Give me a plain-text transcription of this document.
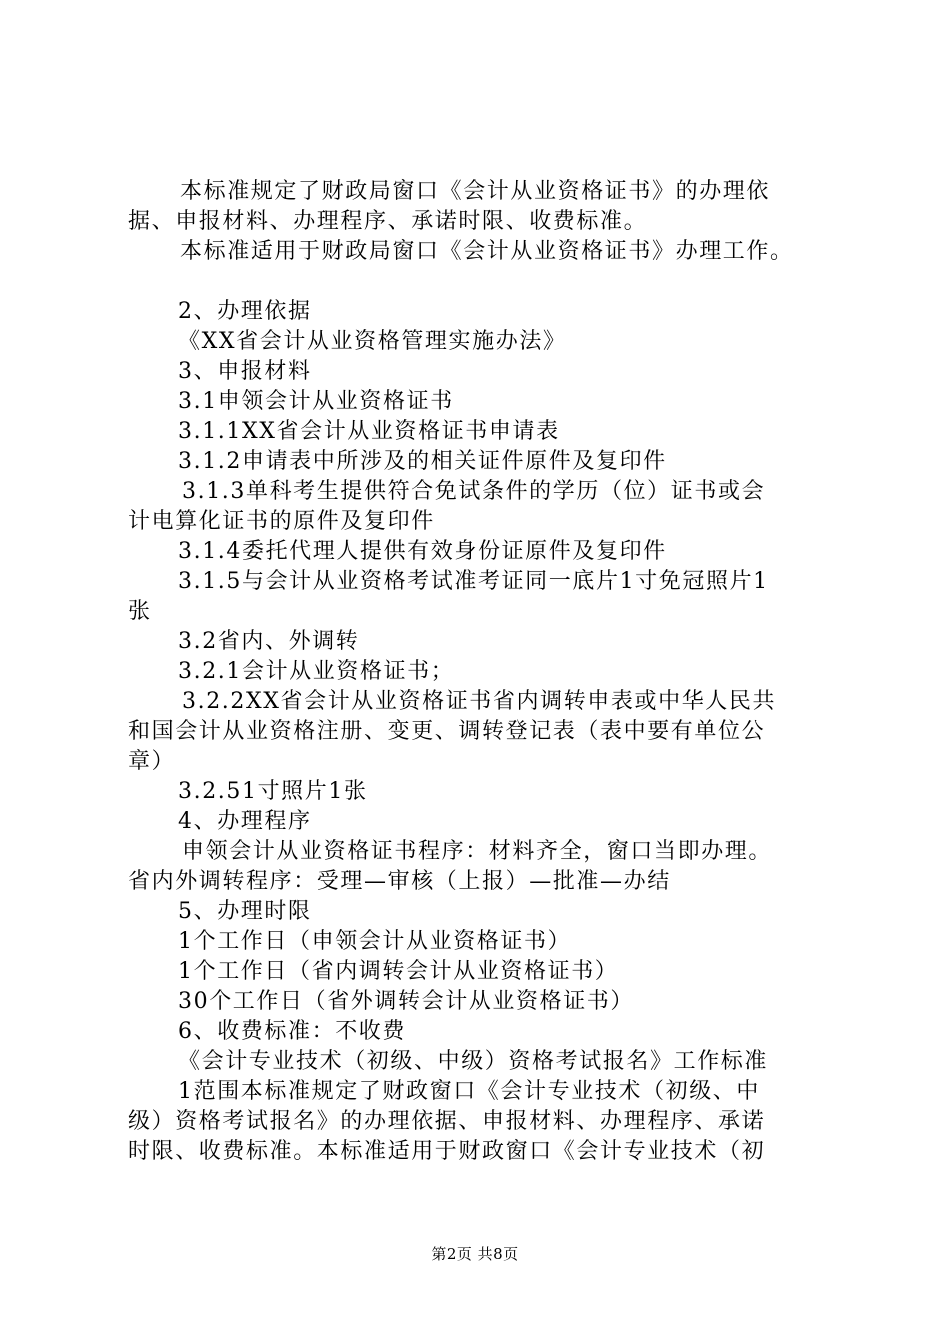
本标准规定了财政局窗口《会计从业资格证书》的办理依

据、申报材料、办理程序、承诺时限、收费标准。

本标准适用于财政局窗口《会计从业资格证书》办理工作。

2、办理依据

《XX省会计从业资格管理实施办法》

3、申报材料

3.1申领会计从业资格证书

3.1.1XX省会计从业资格证书申请表

3.1.2申请表中所涉及的相关证件原件及复印件

3.1.3单科考生提供符合免试条件的学历（位）证书或会

计电算化证书的原件及复印件

3.1.4委托代理人提供有效身份证原件及复印件

3.1.5与会计从业资格考试准考证同一底片1寸免冠照片1

张

3.2省内、外调转

3.2.1会计从业资格证书；

3.2.2XX省会计从业资格证书省内调转申表或中华人民共

和国会计从业资格注册、变更、调转登记表（表中要有单位公

章）

3.2.51寸照片1张

4、办理程序

申领会计从业资格证书程序：材料齐全，窗口当即办理。

省内外调转程序：受理—审核（上报）—批准—办结

5、办理时限

1个工作日（申领会计从业资格证书）

1个工作日（省内调转会计从业资格证书）

30个工作日（省外调转会计从业资格证书）

6、收费标准：不收费

《会计专业技术（初级、中级）资格考试报名》工作标准

1范围本标准规定了财政窗口《会计专业技术（初级、中

级）资格考试报名》的办理依据、申报材料、办理程序、承诺

时限、收费标准。本标准适用于财政窗口《会计专业技术（初

第2页 共8页
